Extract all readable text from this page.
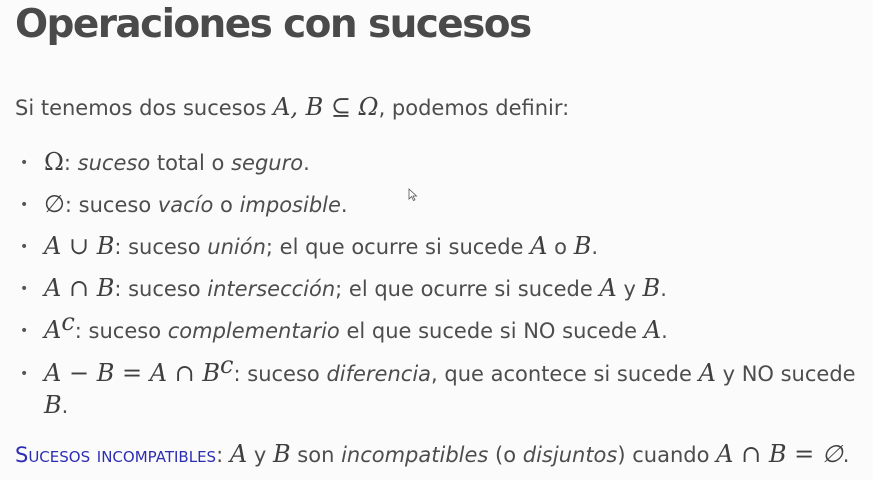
Operaciones con sucesos
Si tenemos dos sucesos A, B ⊆ Ω, podemos definir:
• Ω: suceso total o seguro.
• ∅: suceso vacío o imposible.
• A ∪ B: suceso unión; el que ocurre si sucede A o B.
• A ∩ B: suceso intersección; el que ocurre si sucede A y B.
• $A^c$: suceso complementario el que sucede si NO sucede A.
• A − B = A ∩ $B^c$: suceso diferencia, que acontece si sucede A y NO sucede B.
Sucesos incompatibles: A y B son incompatibles (o disjuntos) cuando A ∩ B = ∅.
